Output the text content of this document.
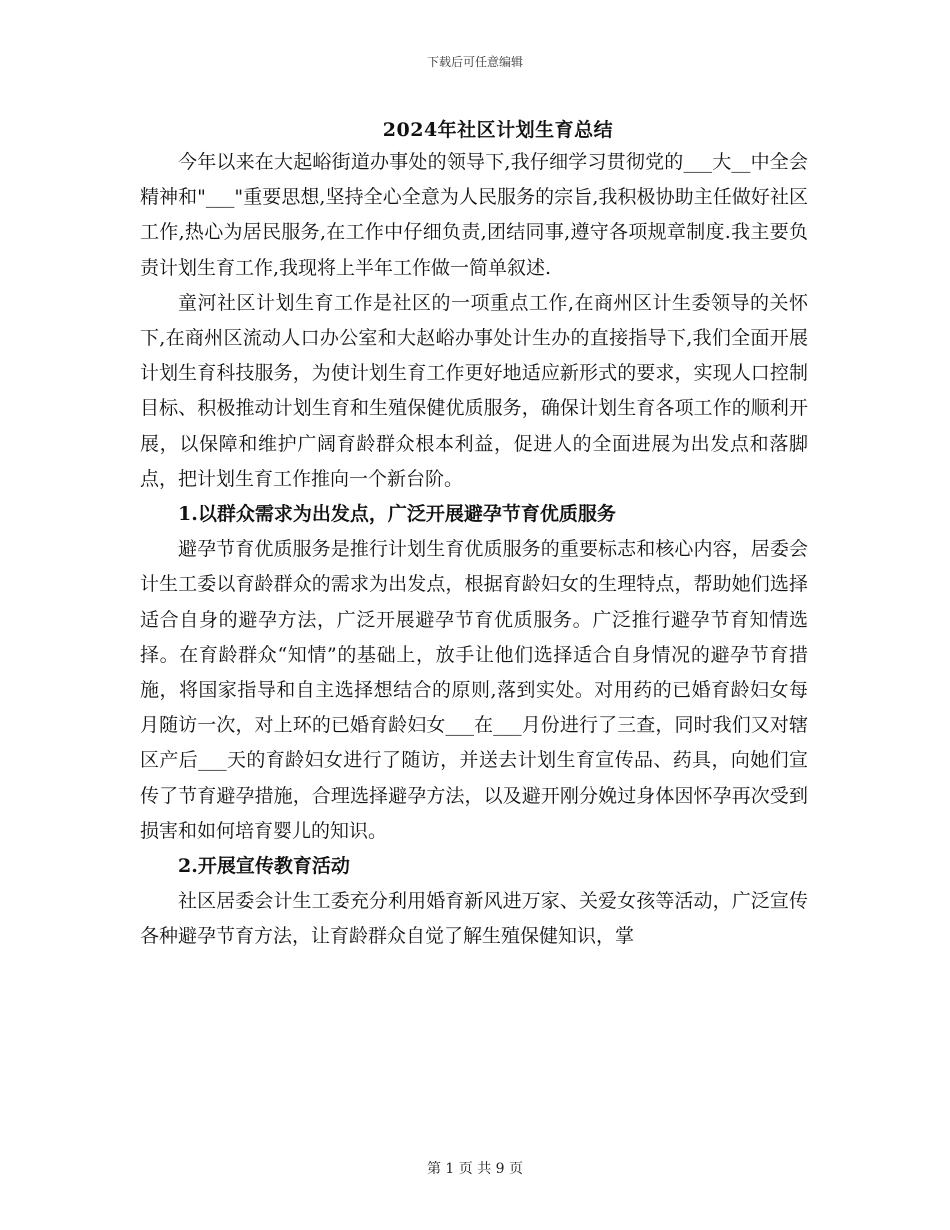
下载后可任意编辑
2024年社区计划生育总结

今年以来在大起峪街道办事处的领导下,我仔细学习贯彻党的___大__中全会精神和"___"重要思想,坚持全心全意为人民服务的宗旨,我积极协助主任做好社区工作,热心为居民服务,在工作中仔细负责,团结同事,遵守各项规章制度.我主要负责计划生育工作,我现将上半年工作做一简单叙述.

童河社区计划生育工作是社区的一项重点工作,在商州区计生委领导的关怀下,在商州区流动人口办公室和大赵峪办事处计生办的直接指导下,我们全面开展计划生育科技服务，为使计划生育工作更好地适应新形式的要求，实现人口控制目标、积极推动计划生育和生殖保健优质服务，确保计划生育各项工作的顺利开展，以保障和维护广阔育龄群众根本利益，促进人的全面进展为出发点和落脚点，把计划生育工作推向一个新台阶。

1.以群众需求为出发点，广泛开展避孕节育优质服务

避孕节育优质服务是推行计划生育优质服务的重要标志和核心内容，居委会计生工委以育龄群众的需求为出发点，根据育龄妇女的生理特点，帮助她们选择适合自身的避孕方法，广泛开展避孕节育优质服务。广泛推行避孕节育知情选择。在育龄群众“知情”的基础上，放手让他们选择适合自身情况的避孕节育措施，将国家指导和自主选择想结合的原则,落到实处。对用药的已婚育龄妇女每月随访一次，对上环的已婚育龄妇女___在___月份进行了三查，同时我们又对辖区产后___天的育龄妇女进行了随访，并送去计划生育宣传品、药具，向她们宣传了节育避孕措施，合理选择避孕方法，以及避开刚分娩过身体因怀孕再次受到损害和如何培育婴儿的知识。

2.开展宣传教育活动

社区居委会计生工委充分利用婚育新风进万家、关爱女孩等活动，广泛宣传各种避孕节育方法，让育龄群众自觉了解生殖保健知识，掌

第 1 页 共 9 页
